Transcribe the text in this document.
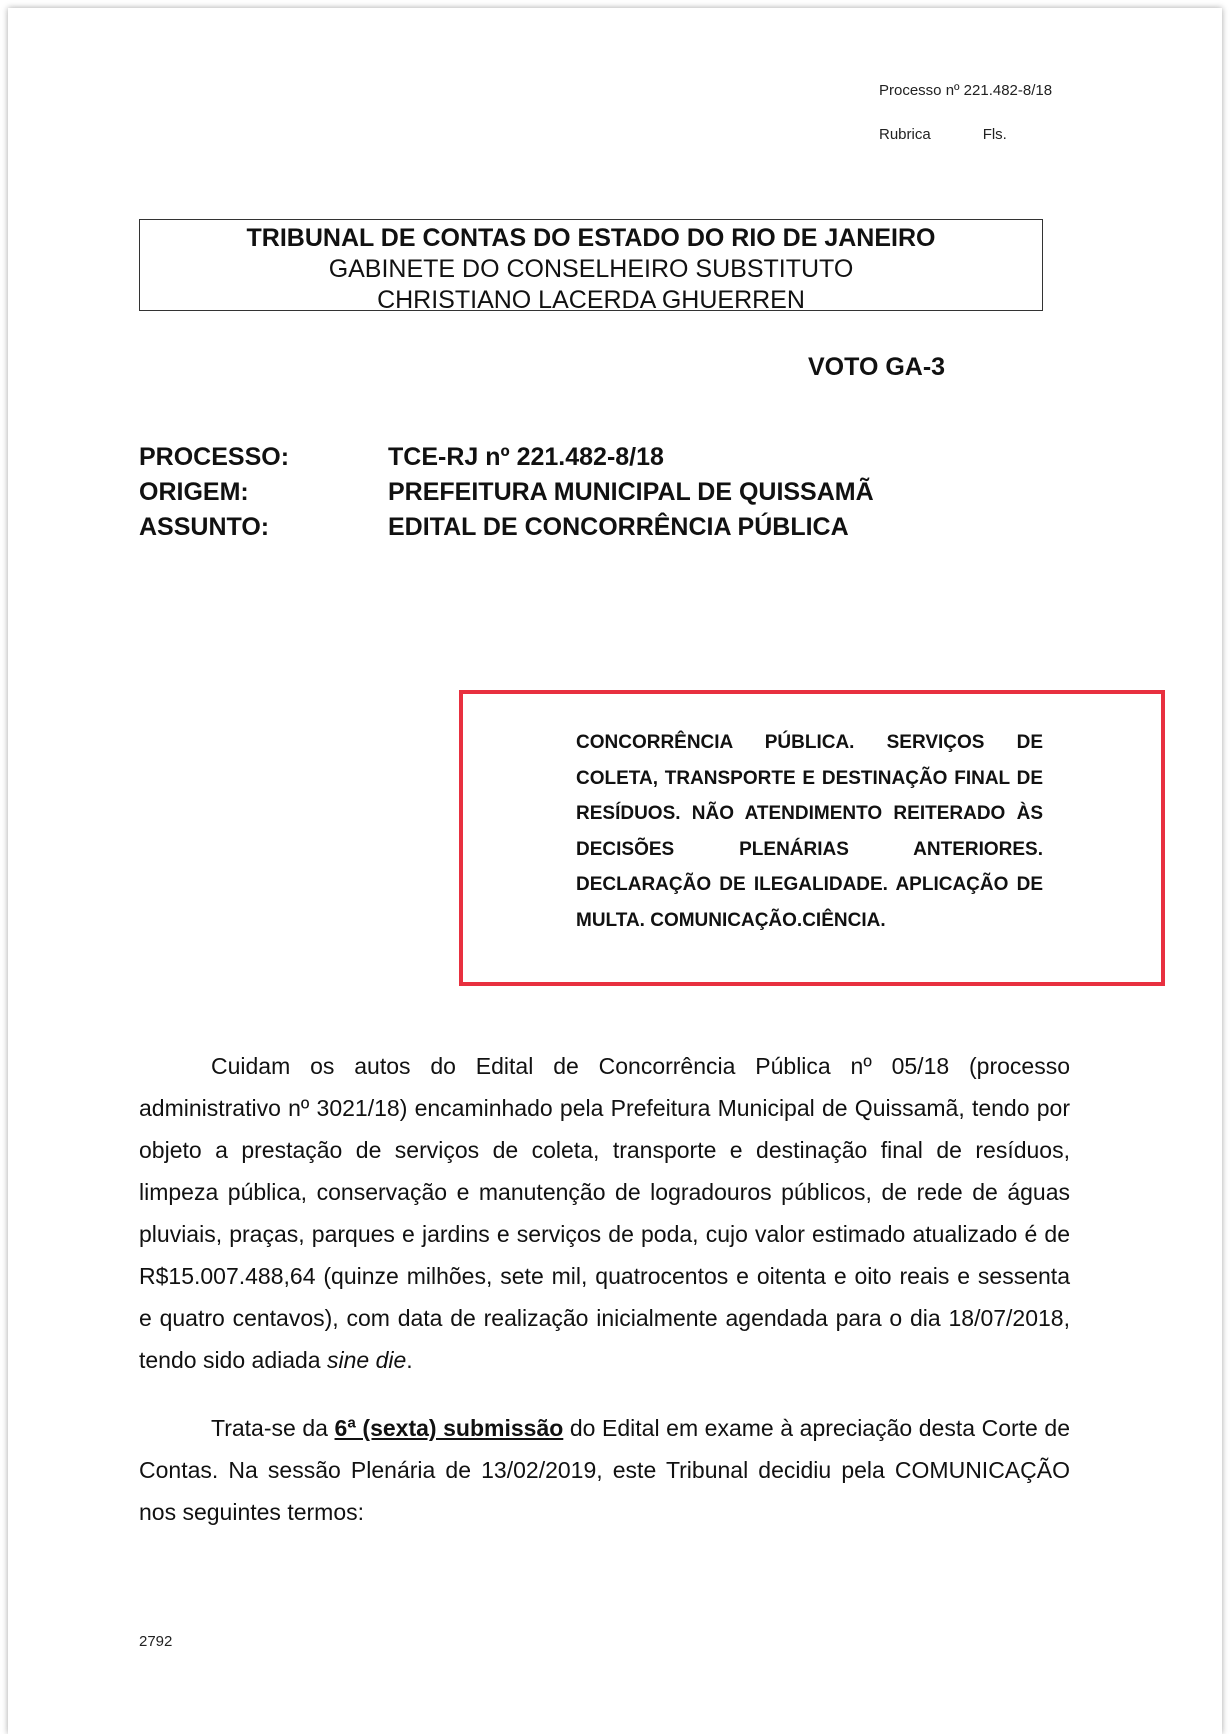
Processo nº 221.482-8/18
Rubrica	Fls.
TRIBUNAL DE CONTAS DO ESTADO DO RIO DE JANEIRO
GABINETE DO CONSELHEIRO SUBSTITUTO
CHRISTIANO LACERDA GHUERREN
VOTO GA-3
PROCESSO:	TCE-RJ nº 221.482-8/18
ORIGEM:	PREFEITURA MUNICIPAL DE QUISSAMÃ
ASSUNTO:	EDITAL DE CONCORRÊNCIA PÚBLICA
CONCORRÊNCIA PÚBLICA. SERVIÇOS DE COLETA, TRANSPORTE E DESTINAÇÃO FINAL DE RESÍDUOS. NÃO ATENDIMENTO REITERADO ÀS DECISÕES PLENÁRIAS ANTERIORES. DECLARAÇÃO DE ILEGALIDADE. APLICAÇÃO DE MULTA. COMUNICAÇÃO.CIÊNCIA.
Cuidam os autos do Edital de Concorrência Pública nº 05/18 (processo administrativo nº 3021/18) encaminhado pela Prefeitura Municipal de Quissamã, tendo por objeto a prestação de serviços de coleta, transporte e destinação final de resíduos, limpeza pública, conservação e manutenção de logradouros públicos, de rede de águas pluviais, praças, parques e jardins e serviços de poda, cujo valor estimado atualizado é de R$15.007.488,64 (quinze milhões, sete mil, quatrocentos e oitenta e oito reais e sessenta e quatro centavos), com data de realização inicialmente agendada para o dia 18/07/2018, tendo sido adiada sine die.
Trata-se da 6ª (sexta) submissão do Edital em exame à apreciação desta Corte de Contas. Na sessão Plenária de 13/02/2019, este Tribunal decidiu pela COMUNICAÇÃO nos seguintes termos:
2792
